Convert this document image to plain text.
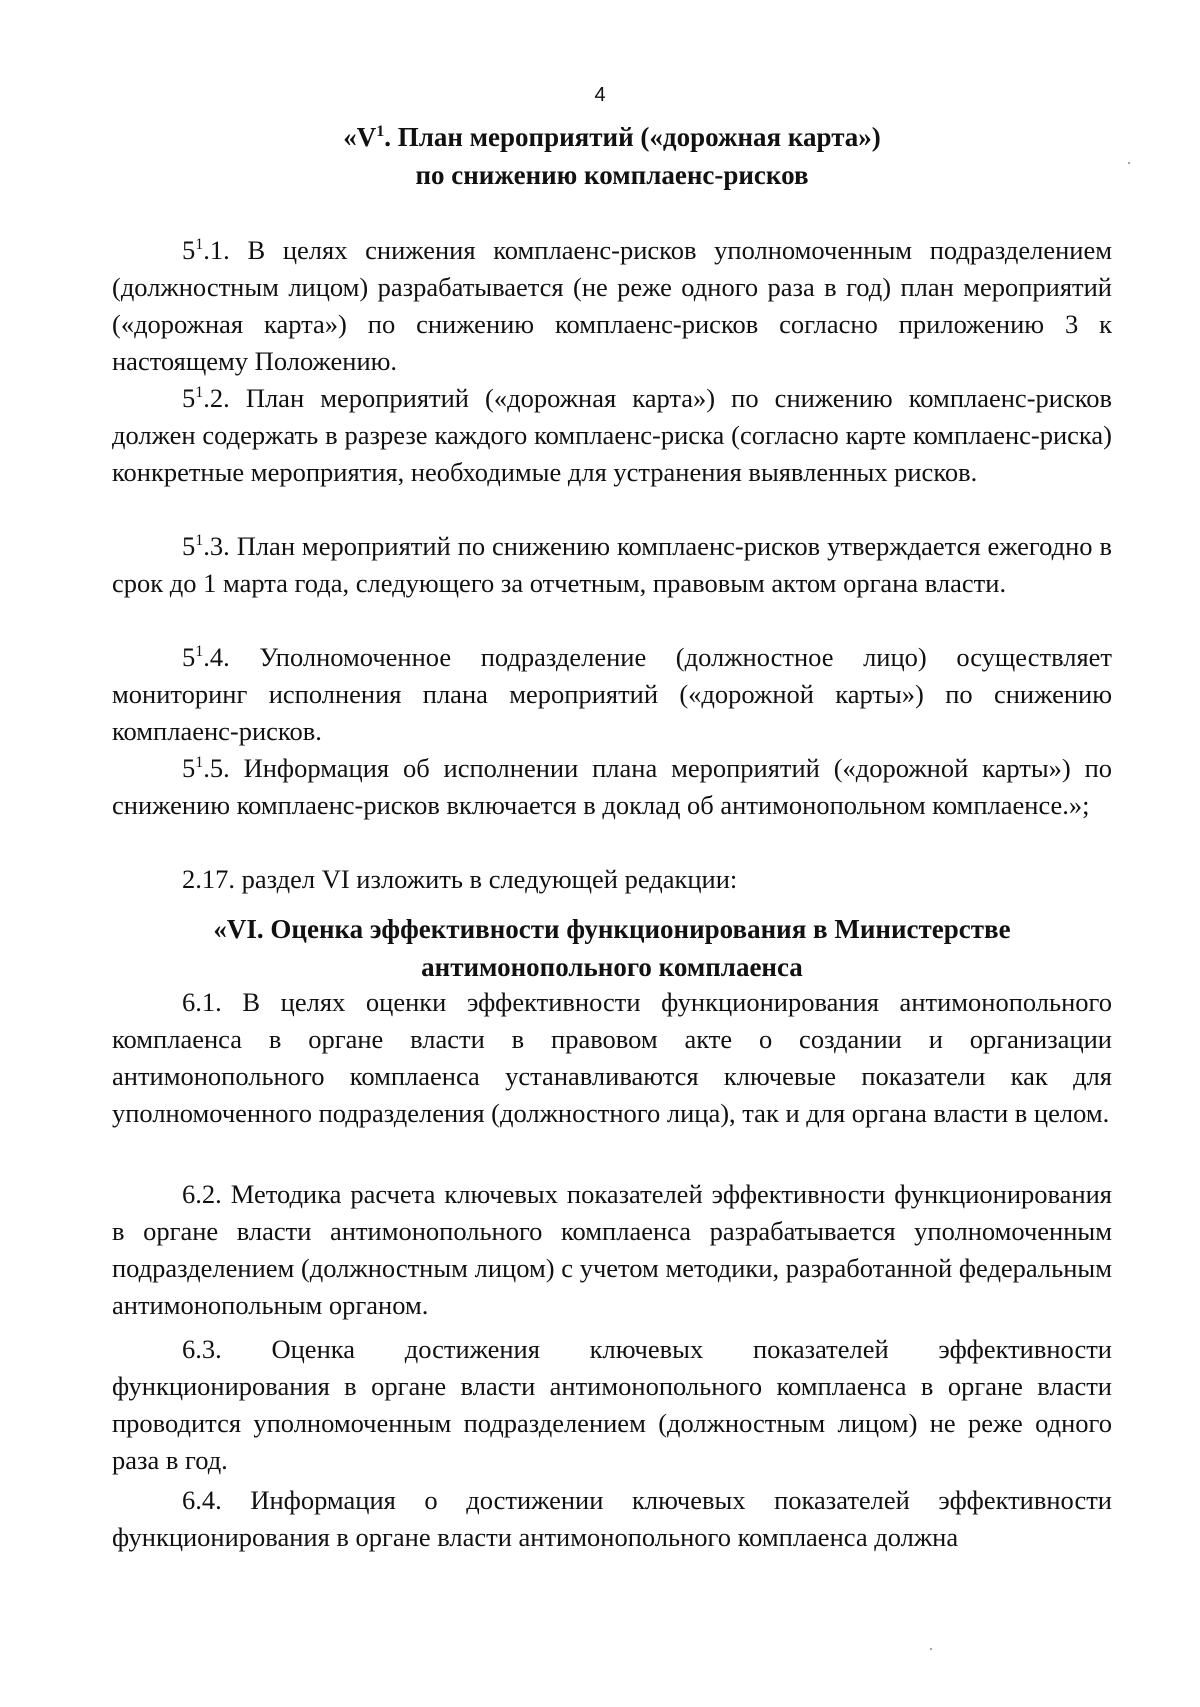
4
«$V^1$. План мероприятий («дорожная карта»)
по снижению комплаенс-рисков

$5^1.1$. В целях снижения комплаенс-рисков уполномоченным подразделением (должностным лицом) разрабатывается (не реже одного раза в год) план мероприятий («дорожная карта») по снижению комплаенс-рисков согласно приложению 3 к настоящему Положению.

$5^1.2$. План мероприятий («дорожная карта») по снижению комплаенс-рисков должен содержать в разрезе каждого комплаенс-риска (согласно карте комплаенс-риска) конкретные мероприятия, необходимые для устранения выявленных рисков.

$5^1.3$. План мероприятий по снижению комплаенс-рисков утверждается ежегодно в срок до 1 марта года, следующего за отчетным, правовым актом органа власти.

$5^1.4$. Уполномоченное подразделение (должностное лицо) осуществляет мониторинг исполнения плана мероприятий («дорожной карты») по снижению комплаенс-рисков.

$5^1.5$. Информация об исполнении плана мероприятий («дорожной карты») по снижению комплаенс-рисков включается в доклад об антимонопольном комплаенсе.»;

2.17. раздел VI изложить в следующей редакции:

«VI. Оценка эффективности функционирования в Министерстве
антимонопольного комплаенса

6.1. В целях оценки эффективности функционирования антимонопольного комплаенса в органе власти в правовом акте о создании и организации антимонопольного комплаенса устанавливаются ключевые показатели как для уполномоченного подразделения (должностного лица), так и для органа власти в целом.

6.2. Методика расчета ключевых показателей эффективности функционирования в органе власти антимонопольного комплаенса разрабатывается уполномоченным подразделением (должностным лицом) с учетом методики, разработанной федеральным антимонопольным органом.

6.3. Оценка достижения ключевых показателей эффективности функционирования в органе власти антимонопольного комплаенса в органе власти проводится уполномоченным подразделением (должностным лицом) не реже одного раза в год.

6.4. Информация о достижении ключевых показателей эффективности функционирования в органе власти антимонопольного комплаенса должна
